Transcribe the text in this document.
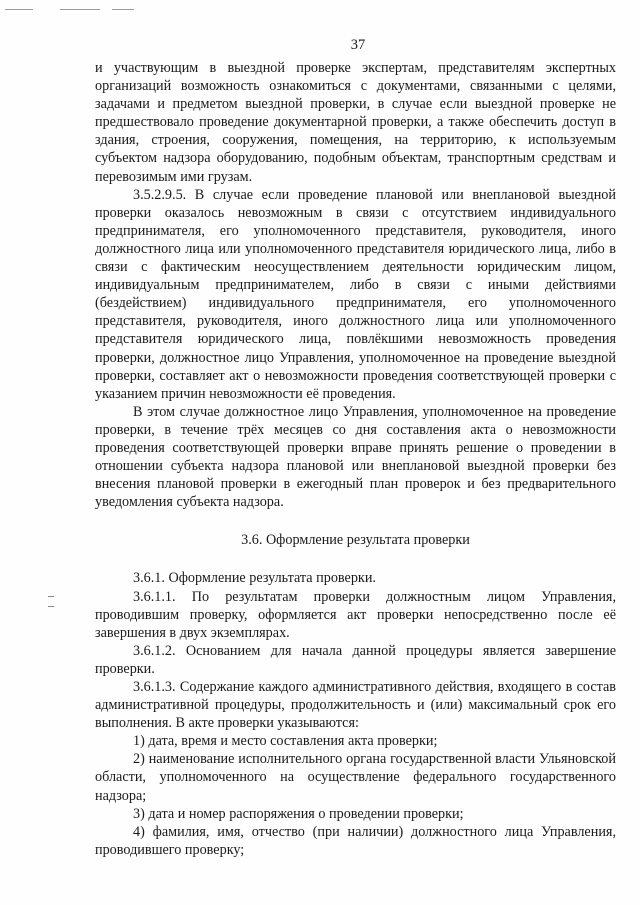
37

и участвующим в выездной проверке экспертам, представителям экспертных организаций возможность ознакомиться с документами, связанными с целями, задачами и предметом выездной проверки, в случае если выездной проверке не предшествовало проведение документарной проверки, а также обеспечить доступ в здания, строения, сооружения, помещения, на территорию, к используемым субъектом надзора оборудованию, подобным объектам, транспортным средствам и перевозимым ими грузам.

3.5.2.9.5. В случае если проведение плановой или внеплановой выездной проверки оказалось невозможным в связи с отсутствием индивидуального предпринимателя, его уполномоченного представителя, руководителя, иного должностного лица или уполномоченного представителя юридического лица, либо в связи с фактическим неосуществлением деятельности юридическим лицом, индивидуальным предпринимателем, либо в связи с иными действиями (бездействием) индивидуального предпринимателя, его уполномоченного представителя, руководителя, иного должностного лица или уполномоченного представителя юридического лица, повлёкшими невозможность проведения проверки, должностное лицо Управления, уполномоченное на проведение выездной проверки, составляет акт о невозможности проведения соответствующей проверки с указанием причин невозможности её проведения.

В этом случае должностное лицо Управления, уполномоченное на проведение проверки, в течение трёх месяцев со дня составления акта о невозможности проведения соответствующей проверки вправе принять решение о проведении в отношении субъекта надзора плановой или внеплановой выездной проверки без внесения плановой проверки в ежегодный план проверок и без предварительного уведомления субъекта надзора.

3.6. Оформление результата проверки

3.6.1. Оформление результата проверки.

3.6.1.1. По результатам проверки должностным лицом Управления, проводившим проверку, оформляется акт проверки непосредственно после её завершения в двух экземплярах.

3.6.1.2. Основанием для начала данной процедуры является завершение проверки.

3.6.1.3. Содержание каждого административного действия, входящего в состав административной процедуры, продолжительность и (или) максимальный срок его выполнения. В акте проверки указываются:

1) дата, время и место составления акта проверки;

2) наименование исполнительного органа государственной власти Ульяновской области, уполномоченного на осуществление федерального государственного надзора;

3) дата и номер распоряжения о проведении проверки;

4) фамилия, имя, отчество (при наличии) должностного лица Управления, проводившего проверку;
